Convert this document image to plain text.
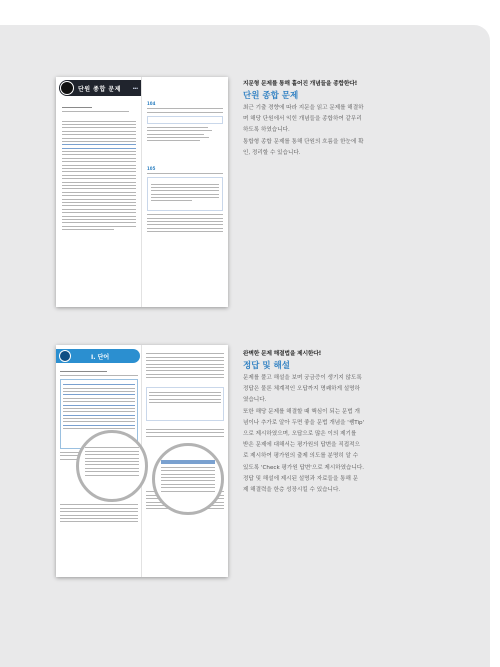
단원 종합 문제	▪▪▪
104
105
지문형 문제를 통해 흩어진 개념들을 종합한다!
단원 종합 문제
최근 기출 경향에 따라 지문을 읽고 문제를 해결하
며 해당 단원에서 익힌 개념들을 종합하여 같무리
하도록 하였습니다.
통합형 종합 문제를 통해 단원의 흐름을 한눈에 확
인, 정리할 수 있습니다.
I. 단어	완벽한 문제 해결법을 제시한다!
정답 및 해설
문제를 풀고 해설을 보며 궁금증이 생기지 않도록
정답은 물론 체계적인 오답까지 명쾌하게 설명하
였습니다.
또한 해당 문제를 해결할 때 핵심이 되는 문법 개
념이나 추가로 알아 두면 좋을 문법 개념을 '쌤Tip'
으로 제시하였으며, 오답으로 많은 이의 제기를
받은 문제에 대해서는 평가원의 답변을 직접적으
로 제시하여 평가원의 출제 의도를 분명히 알 수
있도록 'Check 평가원 답변'으로 제시하였습니다.
정답 및 해설에 제시된 설명과 자료들을 통해 문
제 해결력을 한층 성장시킬 수 있습니다.
